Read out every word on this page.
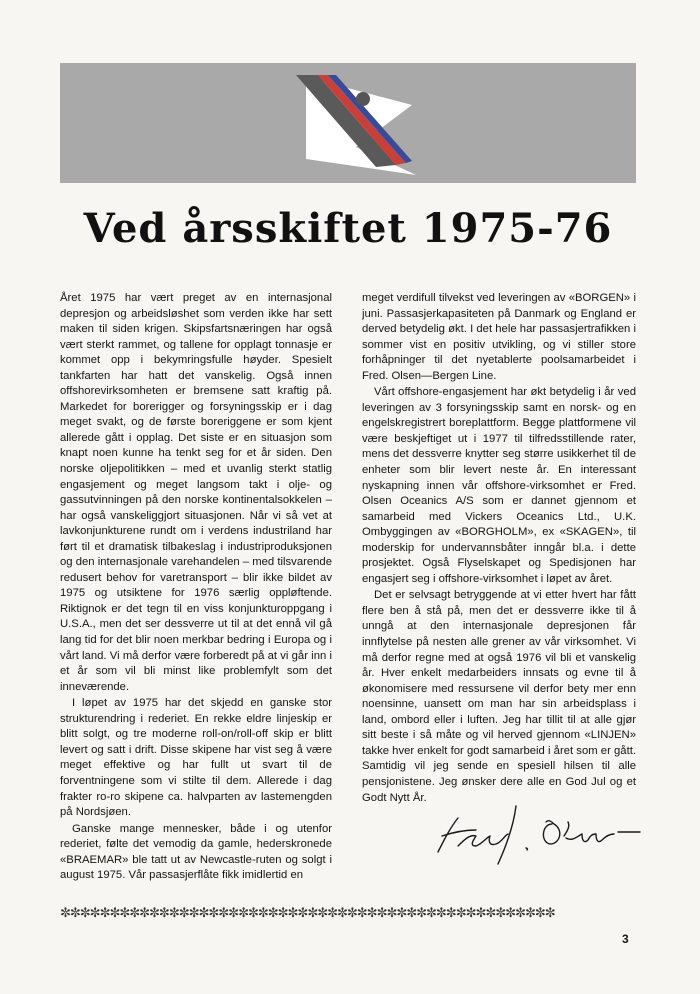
Ved årsskiftet 1975-76

Året 1975 har vært preget av en internasjonal depresjon og arbeidsløshet som verden ikke har sett maken til siden krigen. Skipsfartsnæringen har også vært sterkt rammet, og tallene for opplagt tonnasje er kommet opp i bekymringsfulle høyder. Spesielt tankfarten har hatt det vanskelig. Også innen offshorevirksomheten er bremsene satt kraftig på. Markedet for borerigger og forsyningsskip er i dag meget svakt, og de første boreriggene er som kjent allerede gått i opplag. Det siste er en situasjon som knapt noen kunne ha tenkt seg for et år siden. Den norske oljepolitikken – med et uvanlig sterkt statlig engasjement og meget langsom takt i olje- og gassutvinningen på den norske kontinentalsokkelen – har også vanskeliggjort situasjonen. Når vi så vet at lavkonjunkturene rundt om i verdens industriland har ført til et dramatisk tilbakeslag i industriproduksjonen og den internasjonale varehandelen – med tilsvarende redusert behov for varetransport – blir ikke bildet av 1975 og utsiktene for 1976 særlig oppløftende. Riktignok er det tegn til en viss konjunkturoppgang i U.S.A., men det ser dessverre ut til at det ennå vil gå lang tid for det blir noen merkbar bedring i Europa og i vårt land. Vi må derfor være forberedt på at vi går inn i et år som vil bli minst like problemfylt som det inneværende.

I løpet av 1975 har det skjedd en ganske stor strukturendring i rederiet. En rekke eldre linjeskip er blitt solgt, og tre moderne roll-on/roll-off skip er blitt levert og satt i drift. Disse skipene har vist seg å være meget effektive og har fullt ut svart til de forventningene som vi stilte til dem. Allerede i dag frakter ro-ro skipene ca. halvparten av lastemengden på Nordsjøen.

Ganske mange mennesker, både i og utenfor rederiet, følte det vemodig da gamle, hederskronede «BRAEMAR» ble tatt ut av Newcastle-ruten og solgt i august 1975. Vår passasjerflåte fikk imidlertid en

meget verdifull tilvekst ved leveringen av «BORGEN» i juni. Passasjerkapasiteten på Danmark og England er derved betydelig økt. I det hele har passasjertrafikken i sommer vist en positiv utvikling, og vi stiller store forhåpninger til det nyetablerte poolsamarbeidet i Fred. Olsen—Bergen Line.

Vårt offshore-engasjement har økt betydelig i år ved leveringen av 3 forsyningsskip samt en norsk- og en engelskregistrert boreplattform. Begge plattformene vil være beskjeftiget ut i 1977 til tilfredsstillende rater, mens det dessverre knytter seg større usikkerhet til de enheter som blir levert neste år. En interessant nyskapning innen vår offshore-virksomhet er Fred. Olsen Oceanics A/S som er dannet gjennom et samarbeid med Vickers Oceanics Ltd., U.K. Ombyggingen av «BORGHOLM», ex «SKAGEN», til moderskip for undervannsbåter inngår bl.a. i dette prosjektet. Også Flyselskapet og Spedisjonen har engasjert seg i offshore-virksomhet i løpet av året.

Det er selvsagt betryggende at vi etter hvert har fått flere ben å stå på, men det er dessverre ikke til å unngå at den internasjonale depresjonen får innflytelse på nesten alle grener av vår virksomhet. Vi må derfor regne med at også 1976 vil bli et vanskelig år. Hver enkelt medarbeiders innsats og evne til å økonomisere med ressursene vil derfor bety mer enn noensinne, uansett om man har sin arbeidsplass i land, ombord eller i luften. Jeg har tillit til at alle gjør sitt beste i så måte og vil herved gjennom «LINJEN» takke hver enkelt for godt samarbeid i året som er gått. Samtidig vil jeg sende en spesiell hilsen til alle pensjonistene. Jeg ønsker dere alle en God Jul og et Godt Nytt År.

✼✼✼✼✼✼✼✼✼✼✼✼✼✼✼✼✼✼✼✼✼✼✼✼✼✼✼✼✼✼✼✼✼✼✼✼✼✼✼✼✼✼✼✼✼✼✼✼✼✼
3
